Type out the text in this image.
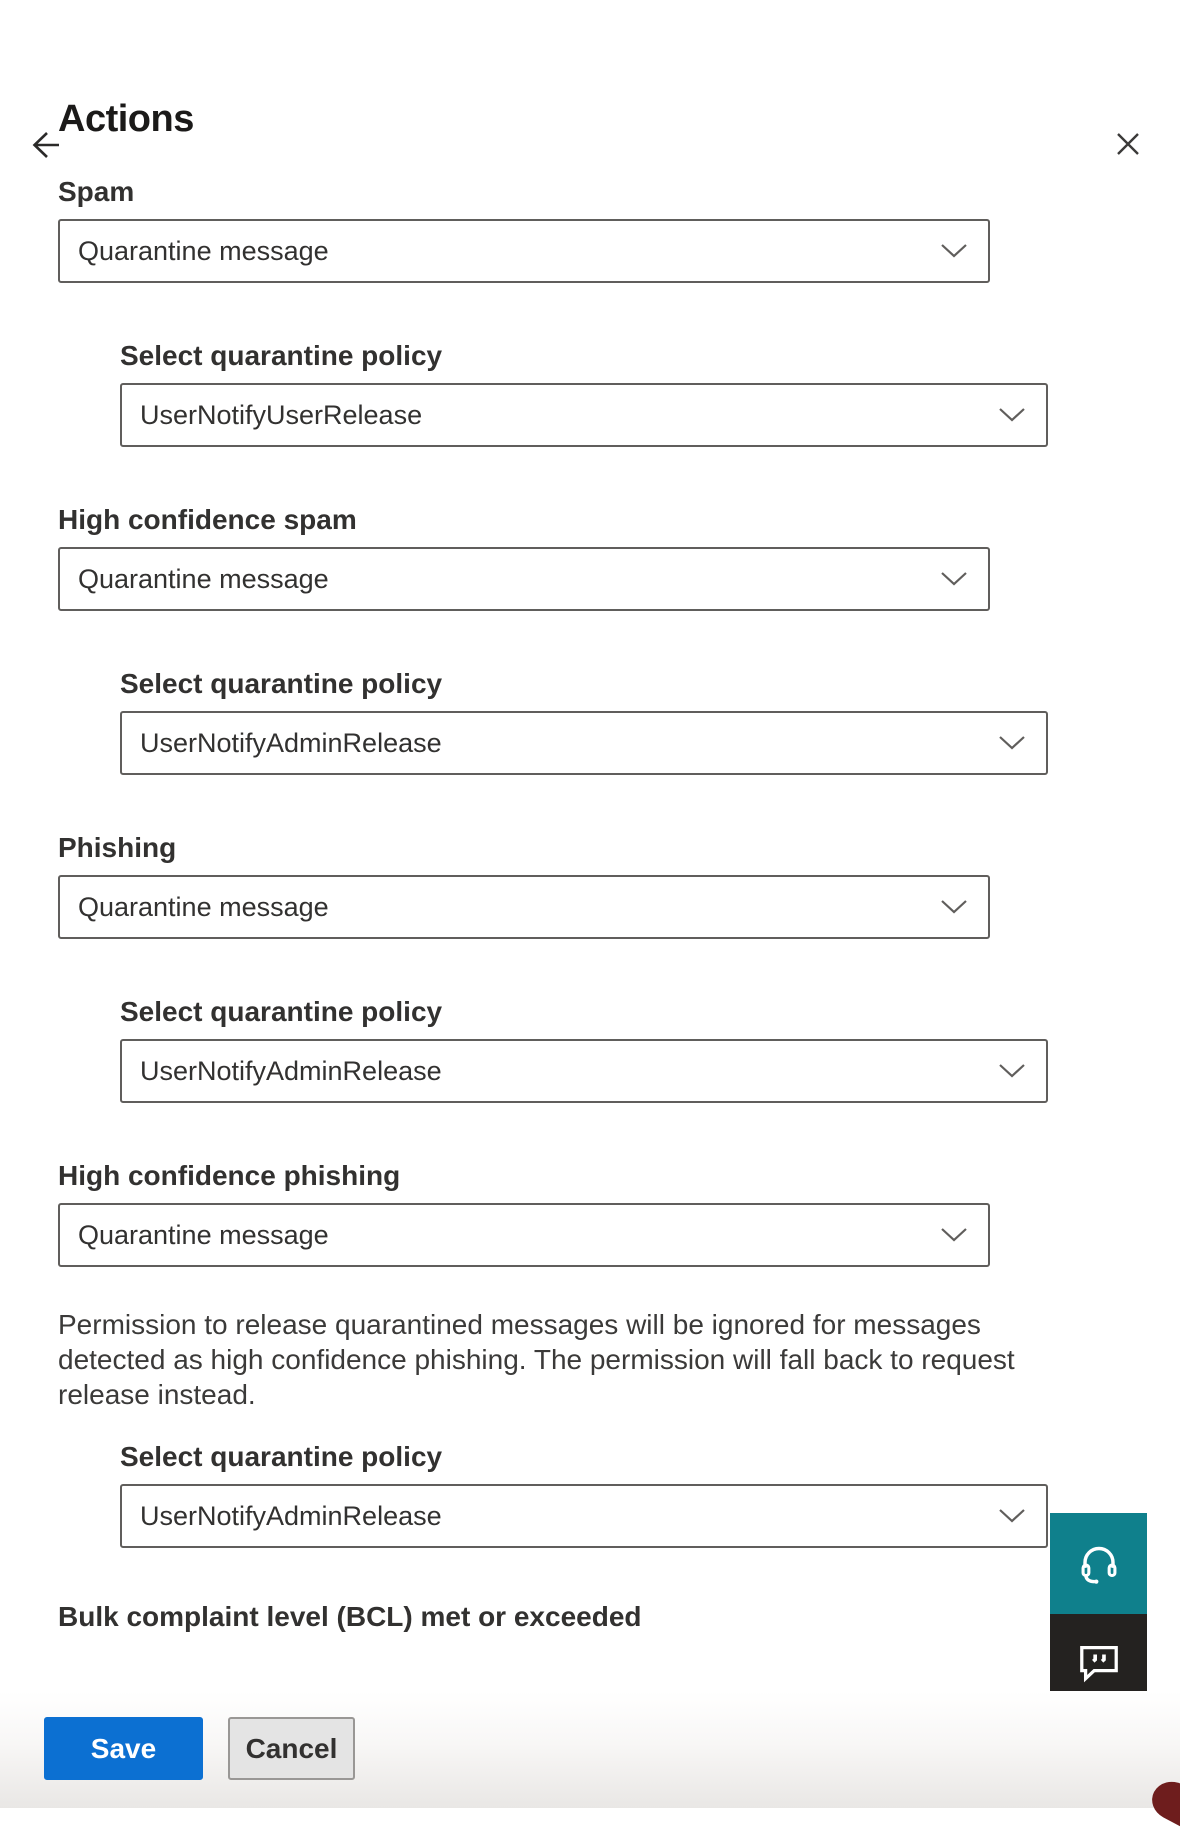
Actions
Spam
Quarantine message
Select quarantine policy
UserNotifyUserRelease
High confidence spam
Quarantine message
Select quarantine policy
UserNotifyAdminRelease
Phishing
Quarantine message
Select quarantine policy
UserNotifyAdminRelease
High confidence phishing
Quarantine message

Permission to release quarantined messages will be ignored for messages detected as high confidence phishing. The permission will fall back to request release instead.

Select quarantine policy
UserNotifyAdminRelease

Bulk complaint level (BCL) met or exceeded

Save	Cancel
